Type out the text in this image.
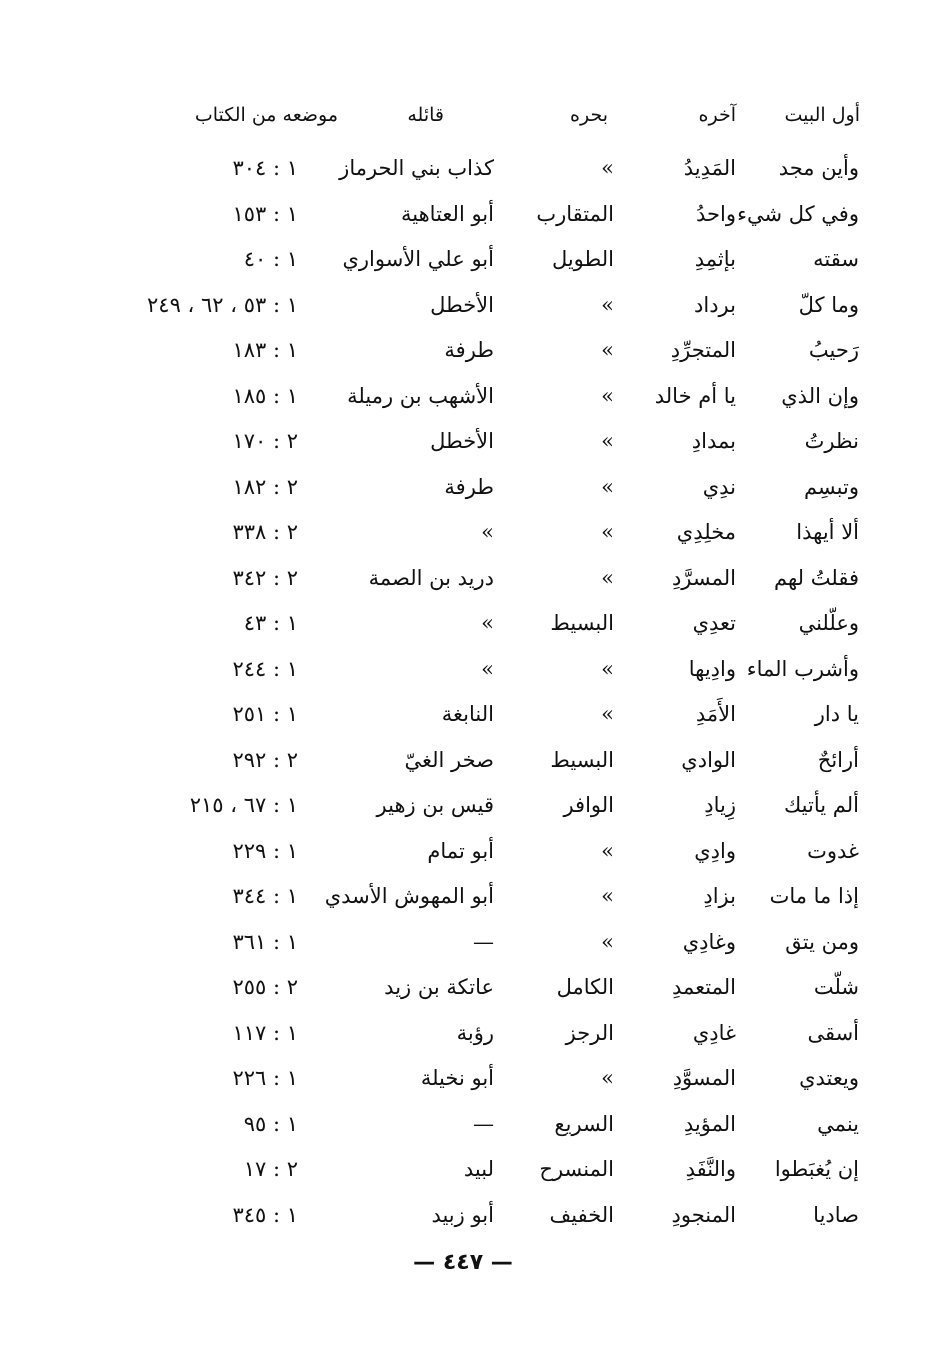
أول البيت
آخره
بحره
قائله
موضعه من الكتاب
وأين مجد
المَدِيدُ
»
كذاب بني الحرماز
١ : ٣٠٤
وفي كل شيء
واحدُ
المتقارب
أبو العتاهية
١ : ١٥٣
سقته
بإثمِدِ
الطويل
أبو علي الأسواري
١ : ٤٠
وما كلّ
برداد
»
الأخطل
١ : ٥٣ ، ٦٢ ، ٢٤٩
رَحيبُ
المتجرِّدِ
»
طرفة
١ : ١٨٣
وإن الذي
يا أم خالد
»
الأشهب بن رميلة
١ : ١٨٥
نظرتُ
بمدادِ
»
الأخطل
٢ : ١٧٠
وتبسِم
ندِي
»
طرفة
٢ : ١٨٢
ألا أيهذا
مخلِدِي
»
»
٢ : ٣٣٨
فقلتُ لهم
المسرَّدِ
»
دريد بن الصمة
٢ : ٣٤٢
وعلّلني
تعدِي
البسيط
»
١ : ٤٣
وأشرب الماء
وادِيها
»
»
١ : ٢٤٤
يا دار
الأَمَدِ
»
النابغة
١ : ٢٥١
أرائحٌ
الوادي
البسيط
صخر الغيّ
٢ : ٢٩٢
ألم يأتيك
زِيادِ
الوافر
قيس بن زهير
١ : ٦٧ ، ٢١٥
غدوت
وادِي
»
أبو تمام
١ : ٢٢٩
إذا ما مات
بزادِ
»
أبو المهوش الأسدي
١ : ٣٤٤
ومن يتق
وغادِي
»
—
١ : ٣٦١
شلّت
المتعمدِ
الكامل
عاتكة بن زيد
٢ : ٢٥٥
أسقى
غادِي
الرجز
رؤبة
١ : ١١٧
ويعتدي
المسوَّدِ
»
أبو نخيلة
١ : ٢٢٦
ينمي
المؤيدِ
السريع
—
١ : ٩٥
إن يُغبَطوا
والنَّفَدِ
المنسرح
لبيد
٢ : ١٧
صاديا
المنجودِ
الخفيف
أبو زبيد
١ : ٣٤٥
— ٤٤٧ —
